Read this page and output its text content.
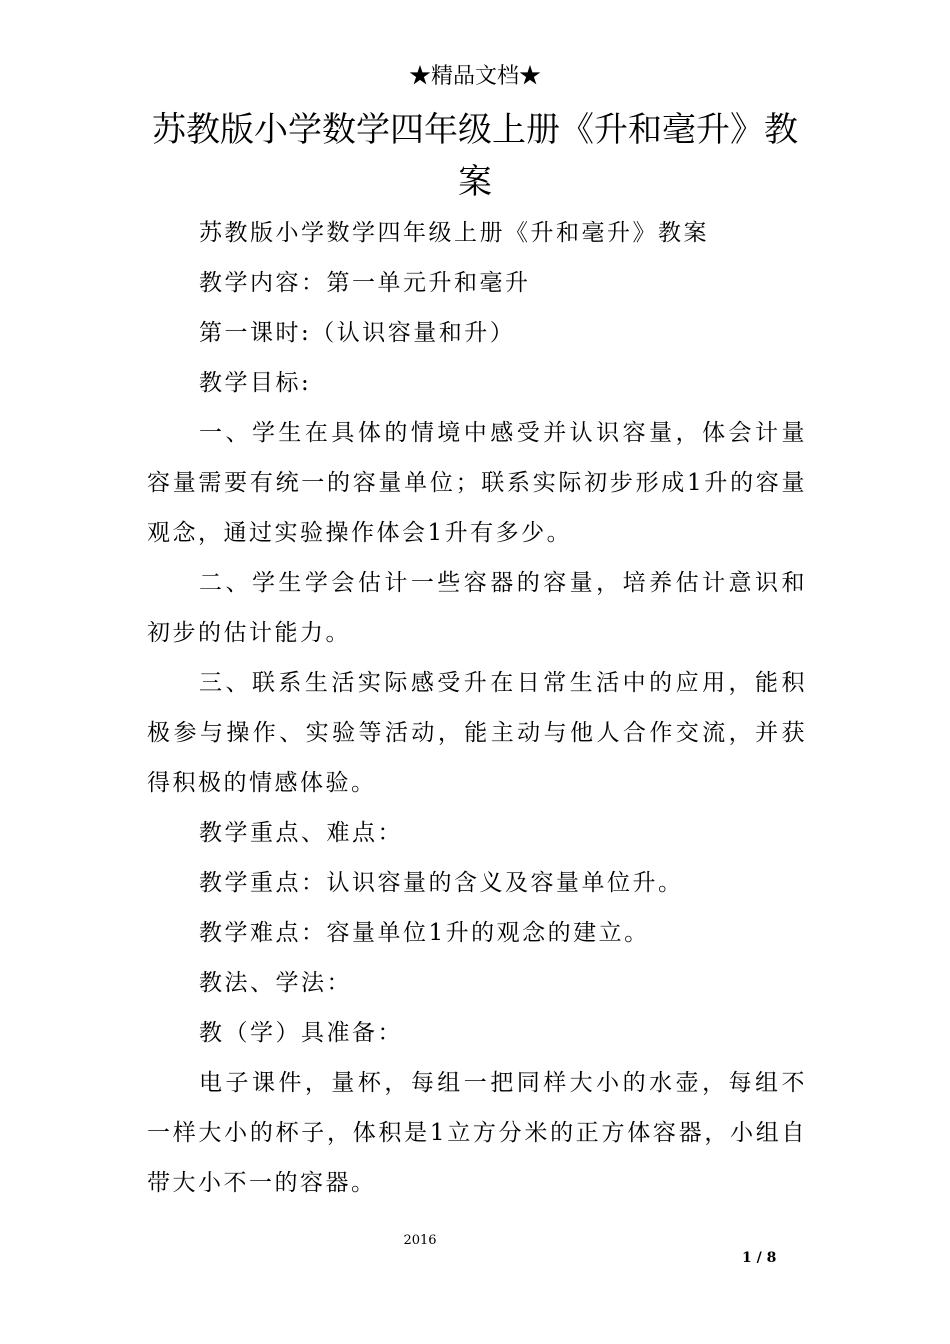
★精品文档★
苏教版小学数学四年级上册《升和毫升》教案

苏教版小学数学四年级上册《升和毫升》教案

教学内容：第一单元升和毫升

第一课时:（认识容量和升）

教学目标:

一、学生在具体的情境中感受并认识容量，体会计量容量需要有统一的容量单位；联系实际初步形成1升的容量观念，通过实验操作体会1升有多少。

二、学生学会估计一些容器的容量，培养估计意识和初步的估计能力。

三、联系生活实际感受升在日常生活中的应用，能积极参与操作、实验等活动，能主动与他人合作交流，并获得积极的情感体验。

教学重点、难点：

教学重点：认识容量的含义及容量单位升。

教学难点：容量单位1升的观念的建立。

教法、学法：

教（学）具准备：

电子课件，量杯，每组一把同样大小的水壶，每组不一样大小的杯子，体积是1立方分米的正方体容器，小组自带大小不一的容器。

2016
1 / 8
